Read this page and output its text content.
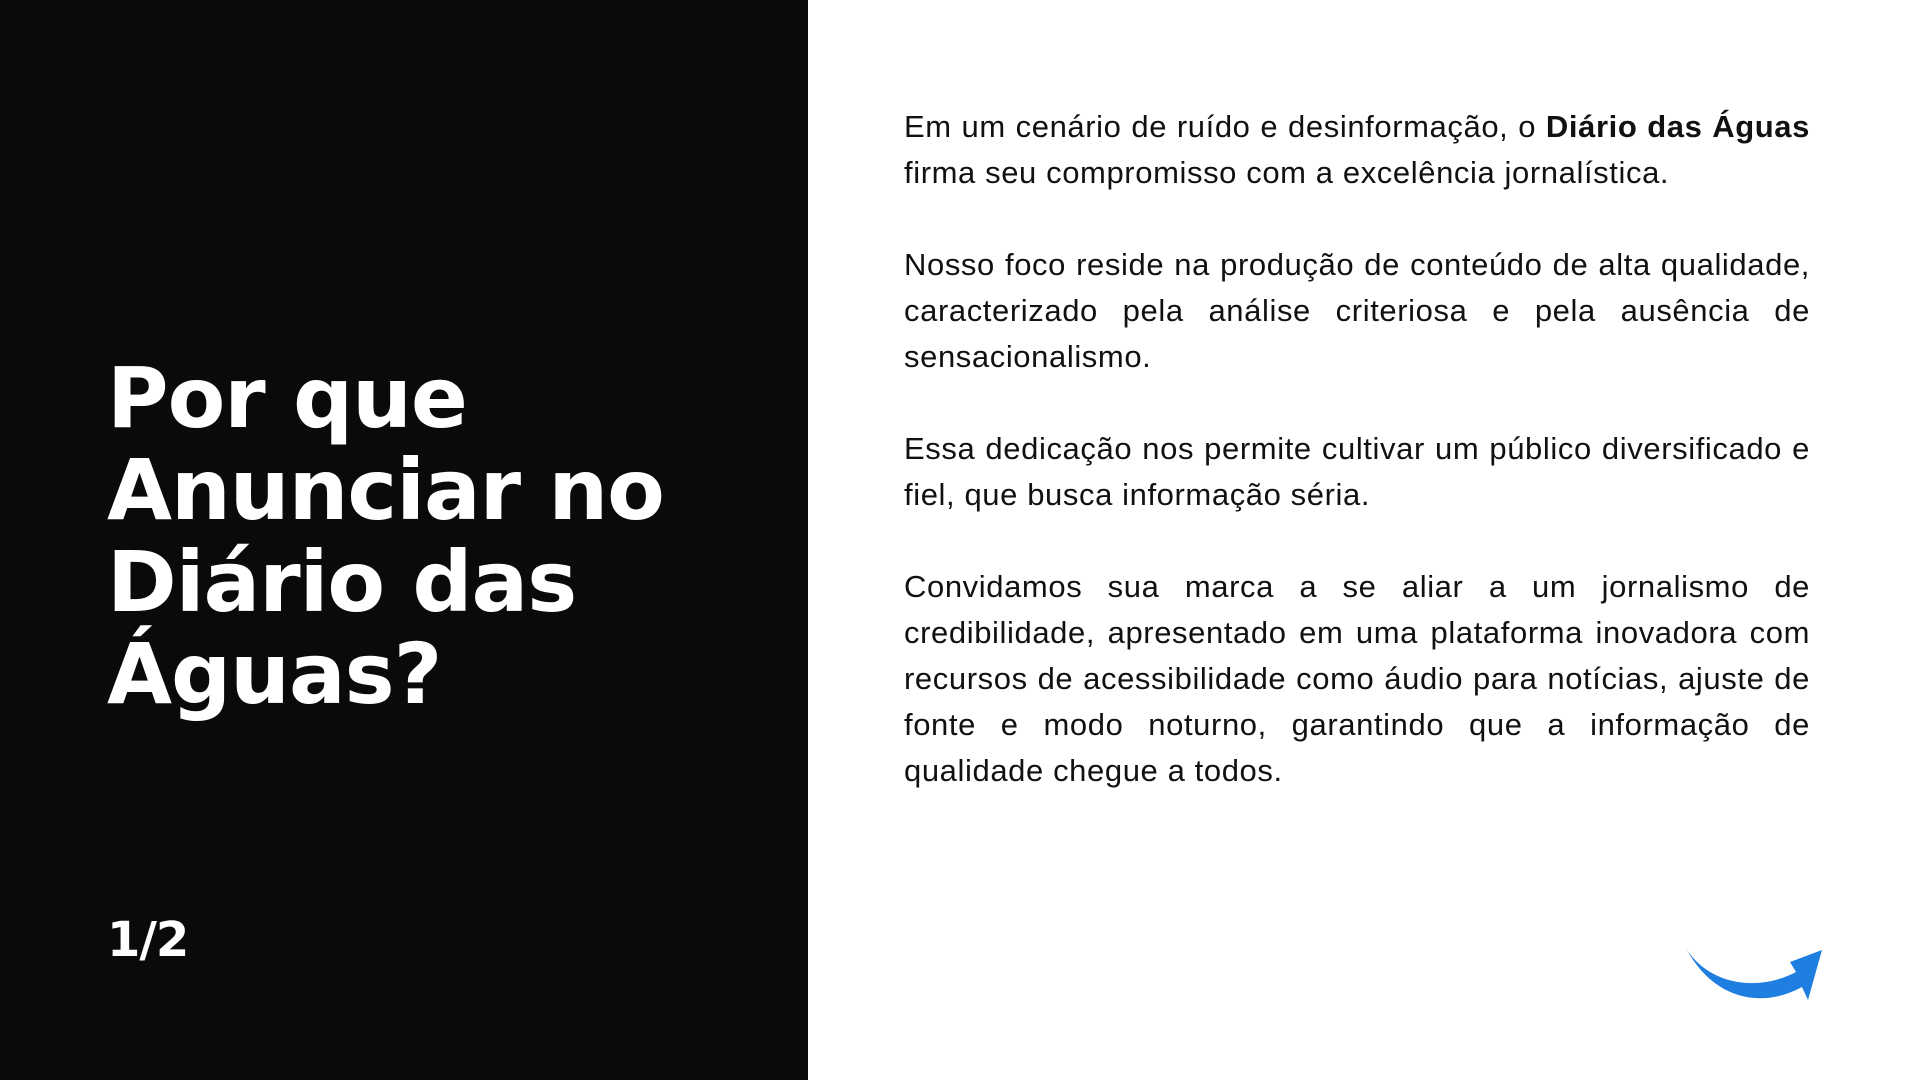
Por que Anunciar no Diário das Águas?
1/2

Em um cenário de ruído e desinformação, o Diário das Águas firma seu compromisso com a excelência jornalística.

Nosso foco reside na produção de conteúdo de alta qualidade, caracterizado pela análise criteriosa e pela ausência de sensacionalismo.

Essa dedicação nos permite cultivar um público diversificado e fiel, que busca informação séria.

Convidamos sua marca a se aliar a um jornalismo de credibilidade, apresentado em uma plataforma inovadora com recursos de acessibilidade como áudio para notícias, ajuste de fonte e modo noturno, garantindo que a informação de qualidade chegue a todos.
